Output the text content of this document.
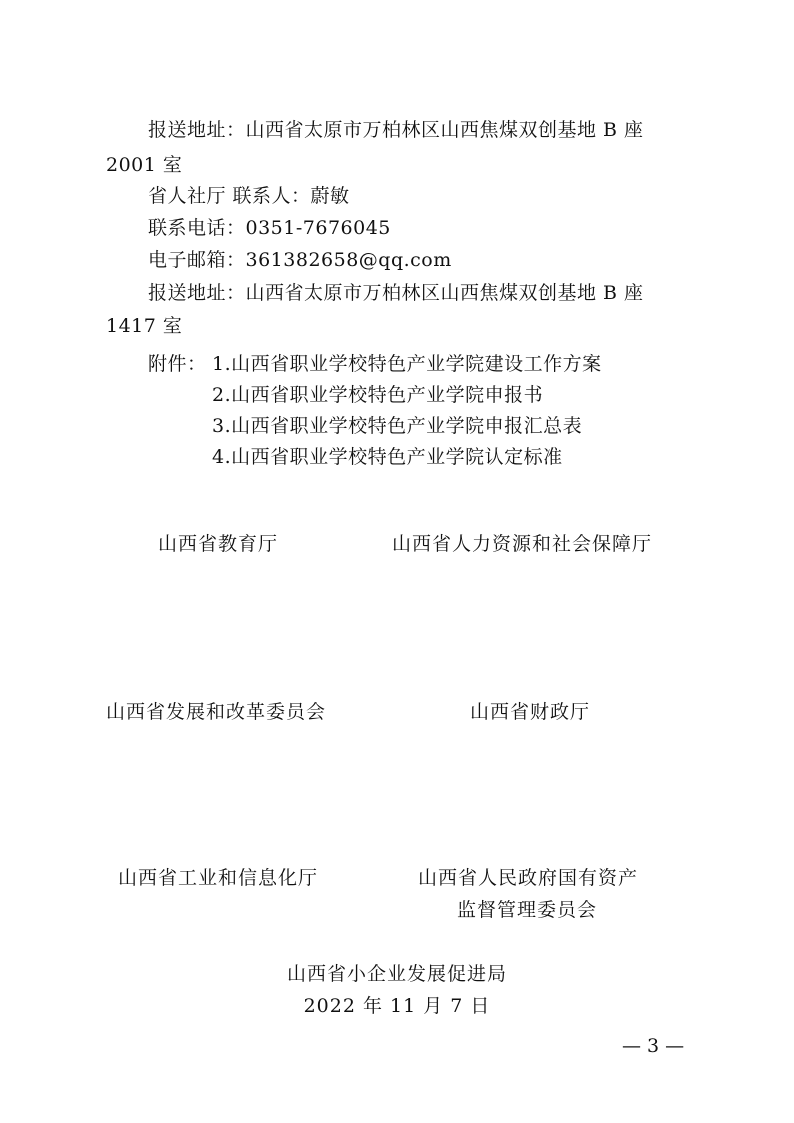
报送地址：山西省太原市万柏林区山西焦煤双创基地 B 座
2001 室
省人社厅 联系人：蔚敏
联系电话：0351-7676045
电子邮箱：361382658@qq.com
报送地址：山西省太原市万柏林区山西焦煤双创基地 B 座
1417 室
附件： 1.山西省职业学校特色产业学院建设工作方案
2.山西省职业学校特色产业学院申报书
3.山西省职业学校特色产业学院申报汇总表
4.山西省职业学校特色产业学院认定标准
山西省教育厅	山西省人力资源和社会保障厅
山西省发展和改革委员会	山西省财政厅
山西省工业和信息化厅	山西省人民政府国有资产
监督管理委员会
山西省小企业发展促进局
2022 年 11 月 7 日
— 3 —
